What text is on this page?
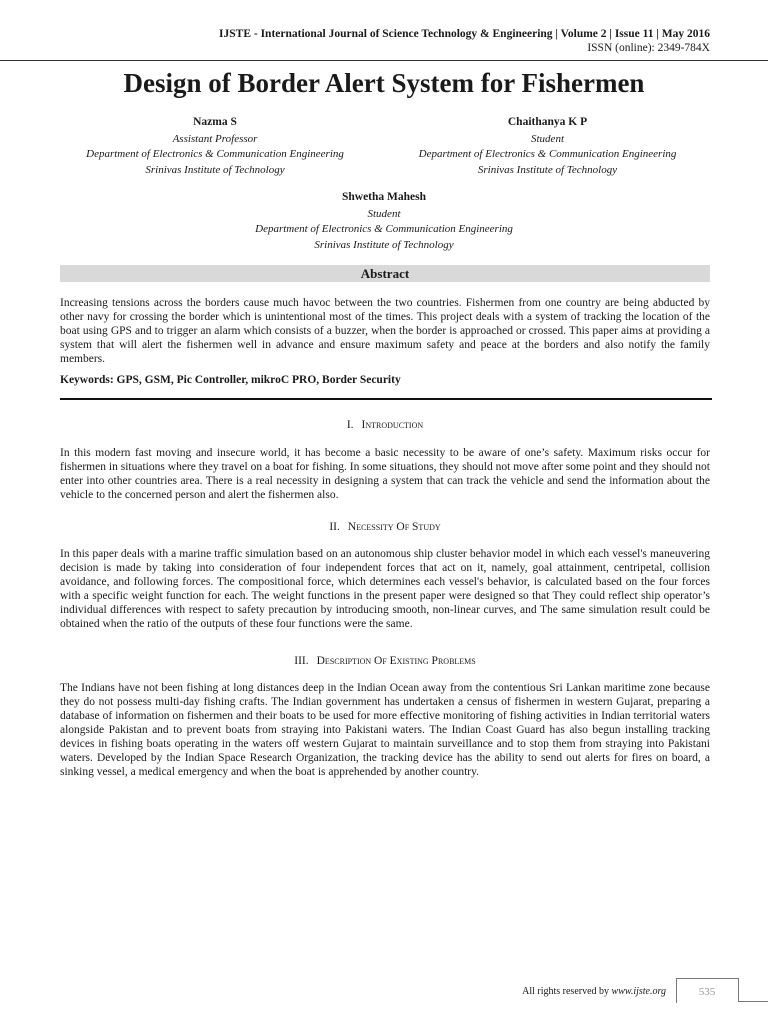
IJSTE - International Journal of Science Technology & Engineering | Volume 2 | Issue 11 | May 2016
ISSN (online): 2349-784X
Design of Border Alert System for Fishermen
Nazma S
Assistant Professor
Department of Electronics & Communication Engineering
Srinivas Institute of Technology
Chaithanya K P
Student
Department of Electronics & Communication Engineering
Srinivas Institute of Technology
Shwetha Mahesh
Student
Department of Electronics & Communication Engineering
Srinivas Institute of Technology
Abstract
Increasing tensions across the borders cause much havoc between the two countries. Fishermen from one country are being abducted by other navy for crossing the border which is unintentional most of the times. This project deals with a system of tracking the location of the boat using GPS and to trigger an alarm which consists of a buzzer, when the border is approached or crossed. This paper aims at providing a system that will alert the fishermen well in advance and ensure maximum safety and peace at the borders and also notify the family members.
Keywords: GPS, GSM, Pic Controller, mikroC PRO, Border Security
I. Introduction
In this modern fast moving and insecure world, it has become a basic necessity to be aware of one’s safety. Maximum risks occur for fishermen in situations where they travel on a boat for fishing. In some situations, they should not move after some point and they should not enter into other countries area. There is a real necessity in designing a system that can track the vehicle and send the information about the vehicle to the concerned person and alert the fishermen also.
II. Necessity Of Study
In this paper deals with a marine traffic simulation based on an autonomous ship cluster behavior model in which each vessel's maneuvering decision is made by taking into consideration of four independent forces that act on it, namely, goal attainment, centripetal, collision avoidance, and following forces. The compositional force, which determines each vessel's behavior, is calculated based on the four forces with a specific weight function for each. The weight functions in the present paper were designed so that They could reflect ship operator’s individual differences with respect to safety precaution by introducing smooth, non-linear curves, and The same simulation result could be obtained when the ratio of the outputs of these four functions were the same.
III. Description Of Existing Problems
The Indians have not been fishing at long distances deep in the Indian Ocean away from the contentious Sri Lankan maritime zone because they do not possess multi-day fishing crafts. The Indian government has undertaken a census of fishermen in western Gujarat, preparing a database of information on fishermen and their boats to be used for more effective monitoring of fishing activities in Indian territorial waters alongside Pakistan and to prevent boats from straying into Pakistani waters. The Indian Coast Guard has also begun installing tracking devices in fishing boats operating in the waters off western Gujarat to maintain surveillance and to stop them from straying into Pakistani waters. Developed by the Indian Space Research Organization, the tracking device has the ability to send out alerts for fires on board, a sinking vessel, a medical emergency and when the boat is apprehended by another country.
All rights reserved by www.ijste.org	535
